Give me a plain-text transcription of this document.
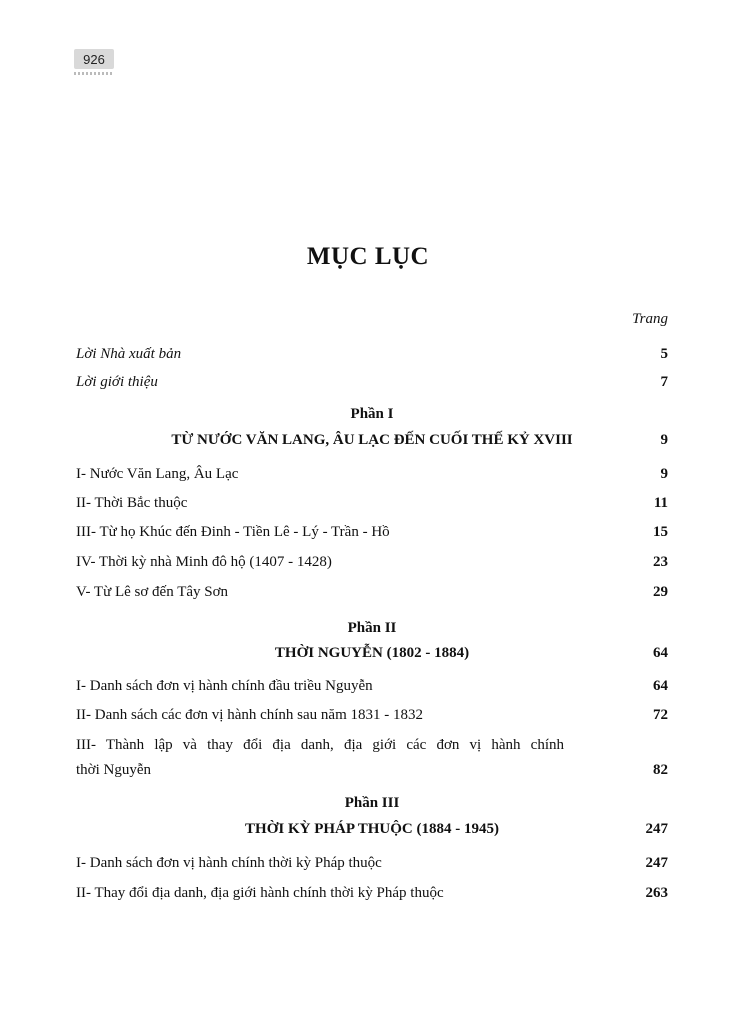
926
MỤC LỤC
Trang
Lời Nhà xuất bản	5
Lời giới thiệu	7
Phần I
TỪ NƯỚC VĂN LANG, ÂU LẠC ĐẾN CUỐI THẾ KỶ XVIII	9
I- Nước Văn Lang, Âu Lạc	9
II- Thời Bắc thuộc	11
III- Từ họ Khúc đến Đinh - Tiền Lê - Lý - Trần - Hồ	15
IV- Thời kỳ nhà Minh đô hộ (1407 - 1428)	23
V- Từ Lê sơ đến Tây Sơn	29
Phần II
THỜI NGUYỄN (1802 - 1884)	64
I- Danh sách đơn vị hành chính đầu triều Nguyễn	64
II- Danh sách các đơn vị hành chính sau năm 1831 - 1832	72
III- Thành lập và thay đổi địa danh, địa giới các đơn vị hành chính
thời Nguyễn	82
Phần III
THỜI KỲ PHÁP THUỘC (1884 - 1945)	247
I- Danh sách đơn vị hành chính thời kỳ Pháp thuộc	247
II- Thay đổi địa danh, địa giới hành chính thời kỳ Pháp thuộc	263
